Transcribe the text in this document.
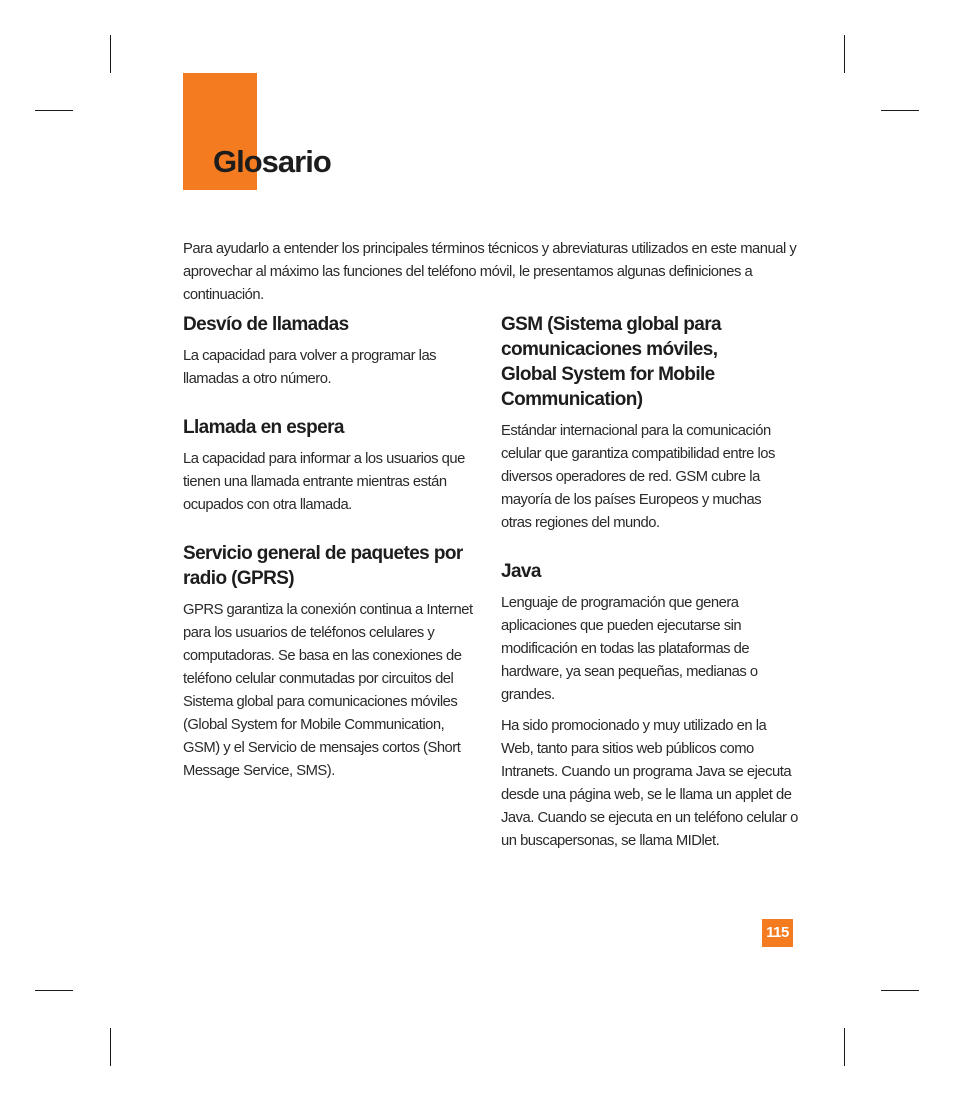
Glosario

Para ayudarlo a entender los principales términos técnicos y abreviaturas utilizados en este manual y aprovechar al máximo las funciones del teléfono móvil, le presentamos algunas definiciones a continuación.

Desvío de llamadas

La capacidad para volver a programar las llamadas a otro número.

Llamada en espera

La capacidad para informar a los usuarios que tienen una llamada entrante mientras están ocupados con otra llamada.

Servicio general de paquetes por radio (GPRS)

GPRS garantiza la conexión continua a Internet para los usuarios de teléfonos celulares y computadoras. Se basa en las conexiones de teléfono celular conmutadas por circuitos del Sistema global para comunicaciones móviles (Global System for Mobile Communication, GSM) y el Servicio de mensajes cortos (Short Message Service, SMS).

GSM (Sistema global para comunicaciones móviles, Global System for Mobile Communication)

Estándar internacional para la comunicación celular que garantiza compatibilidad entre los diversos operadores de red. GSM cubre la mayoría de los países Europeos y muchas otras regiones del mundo.

Java

Lenguaje de programación que genera aplicaciones que pueden ejecutarse sin modificación en todas las plataformas de hardware, ya sean pequeñas, medianas o grandes.

Ha sido promocionado y muy utilizado en la Web, tanto para sitios web públicos como Intranets. Cuando un programa Java se ejecuta desde una página web, se le llama un applet de Java. Cuando se ejecuta en un teléfono celular o un buscapersonas, se llama MIDlet.

115
